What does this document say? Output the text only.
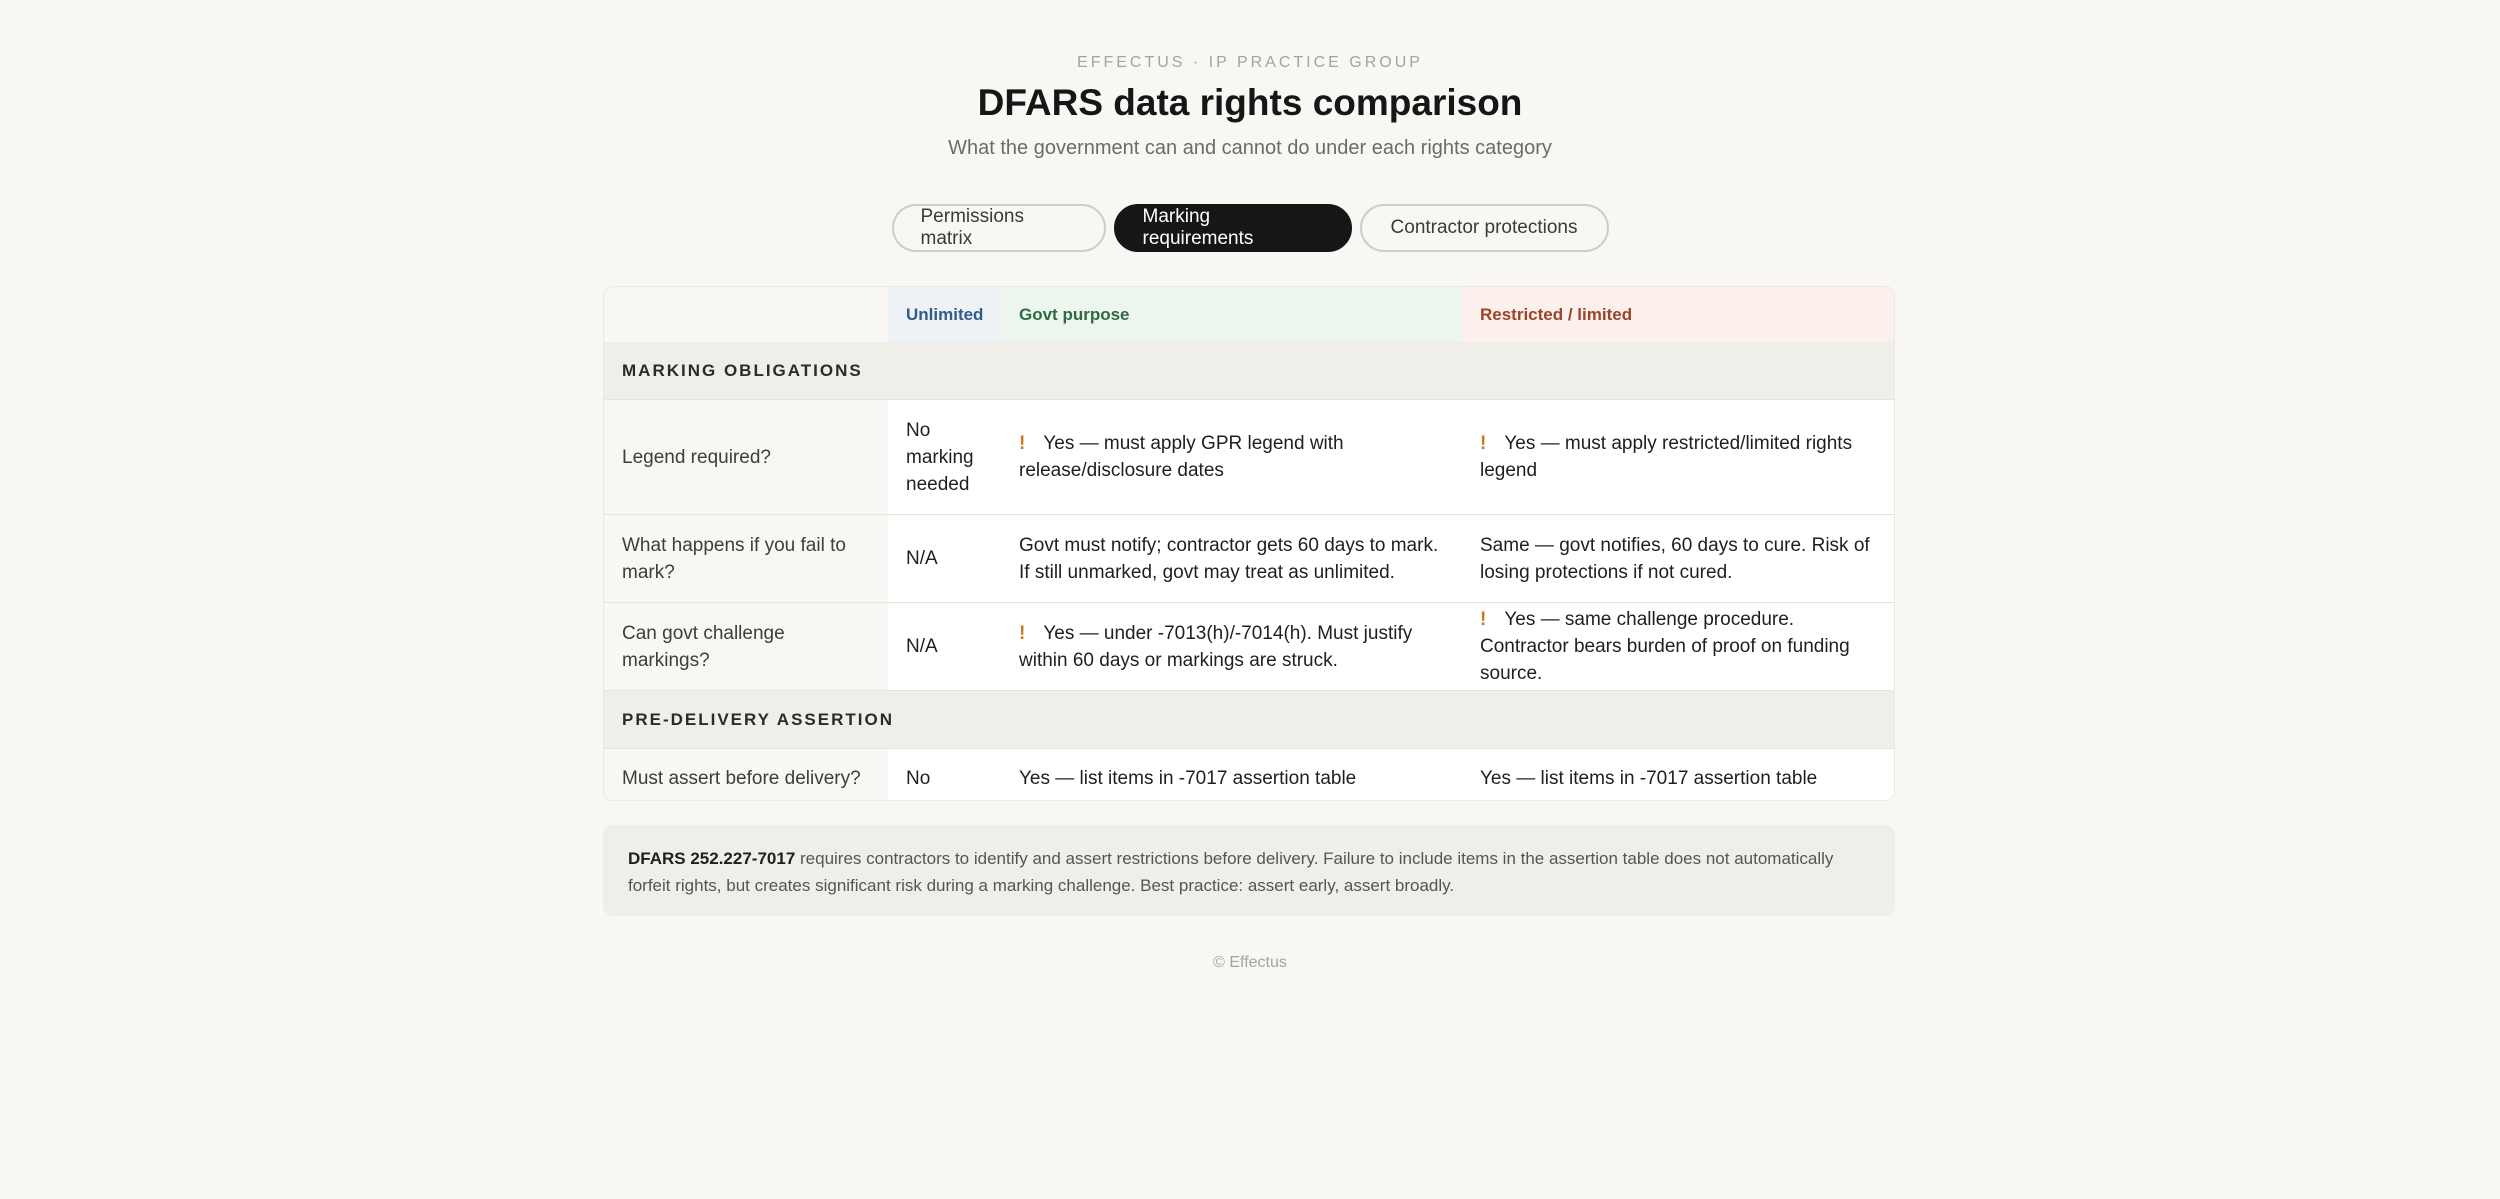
EFFECTUS · IP PRACTICE GROUP
DFARS data rights comparison
What the government can and cannot do under each rights category
Permissions matrix
Marking requirements
Contractor protections
	Unlimited	Govt purpose	Restricted / limited
MARKING OBLIGATIONS			
Legend required?	No marking needed	! Yes — must apply GPR legend with release/disclosure dates	! Yes — must apply restricted/limited rights legend
What happens if you fail to mark?	N/A	Govt must notify; contractor gets 60 days to mark. If still unmarked, govt may treat as unlimited.	Same — govt notifies, 60 days to cure. Risk of losing protections if not cured.
Can govt challenge markings?	N/A	! Yes — under -7013(h)/-7014(h). Must justify within 60 days or markings are struck.	! Yes — same challenge procedure. Contractor bears burden of proof on funding source.
PRE-DELIVERY ASSERTION			
Must assert before delivery?	No	Yes — list items in -7017 assertion table	Yes — list items in -7017 assertion table
DFARS 252.227-7017 requires contractors to identify and assert restrictions before delivery. Failure to include items in the assertion table does not automatically forfeit rights, but creates significant risk during a marking challenge. Best practice: assert early, assert broadly.
© Effectus
